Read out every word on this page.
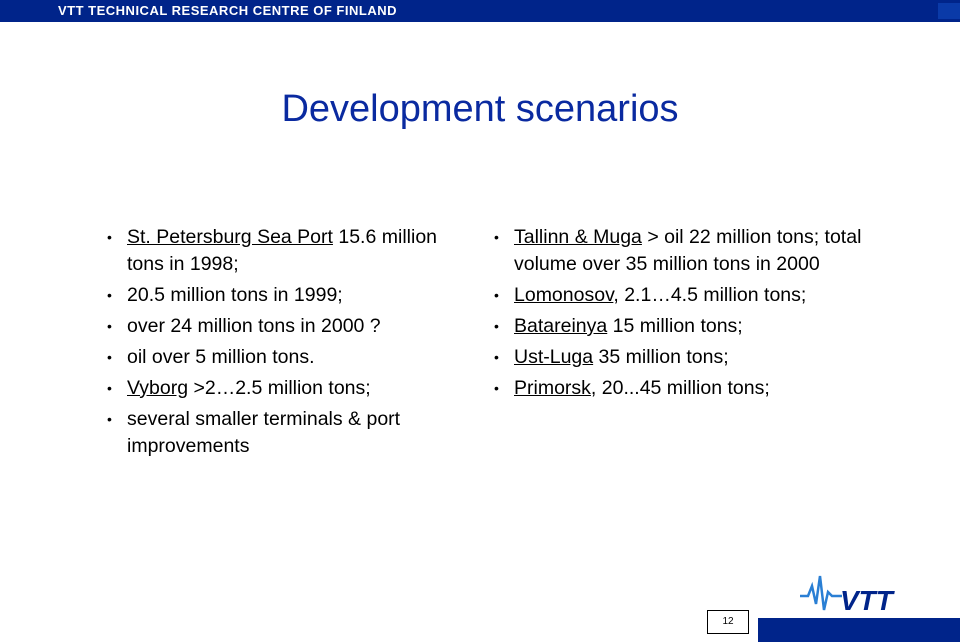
VTT TECHNICAL RESEARCH CENTRE OF FINLAND
Development scenarios
• St. Petersburg Sea Port 15.6 million tons in 1998;
• 20.5 million tons in 1999;
• over 24 million tons in 2000 ?
• oil over 5 million tons.
• Vyborg >2…2.5 million tons;
• several smaller terminals & port improvements
• Tallinn & Muga > oil 22 million tons; total volume over 35 million tons in 2000
• Lomonosov, 2.1…4.5 million tons;
• Batareinya 15 million tons;
• Ust-Luga 35 million tons;
• Primorsk, 20...45 million tons;
VTT
12
